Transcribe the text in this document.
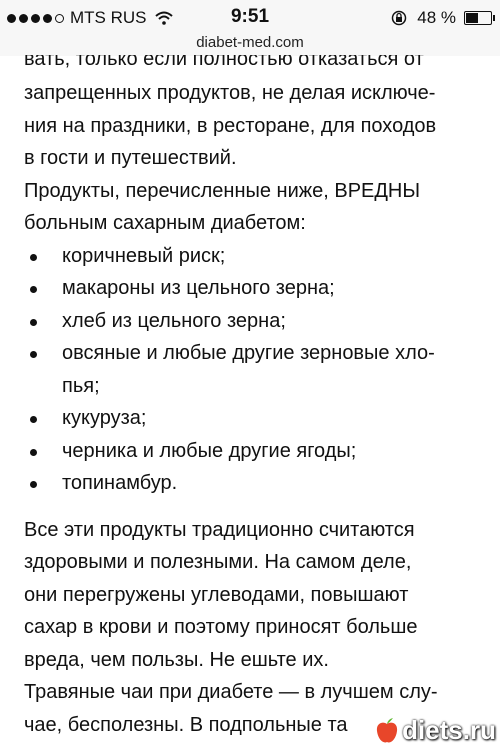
MTS RUS	9:51	48 %
diabet-med.com

вать, только если полностью отказаться от

запрещенных продуктов, не делая исключе-

ния на праздники, в ресторане, для походов

в гости и путешествий.

Продукты, перечисленные ниже, ВРЕДНЫ

больным сахарным диабетом:

коричневый риск;
макароны из цельного зерна;
хлеб из цельного зерна;
овсяные и любые другие зерновые хло-
пья;
кукуруза;
черника и любые другие ягоды;
топинамбур.

Все эти продукты традиционно считаются

здоровыми и полезными. На самом деле,

они перегружены углеводами, повышают

сахар в крови и поэтому приносят больше

вреда, чем пользы. Не ешьте их.

Травяные чаи при диабете — в лучшем слу-

чае, бесполезны. В подпольные та	diets.ru
